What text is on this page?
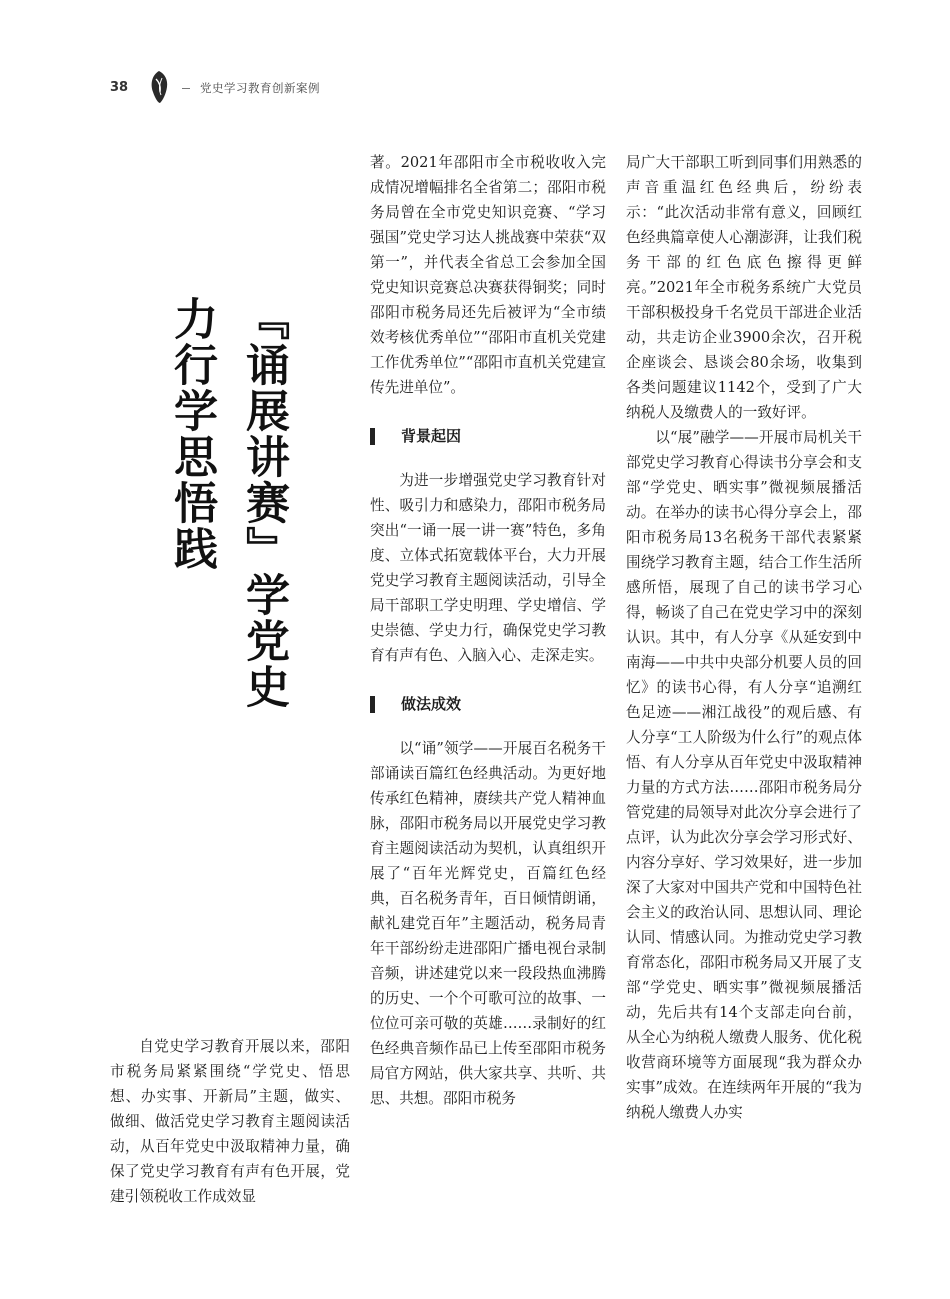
38	党史学习教育创新案例
『诵展讲赛』学党史
力行学思悟践
自党史学习教育开展以来，邵阳市税务局紧紧围绕“学党史、悟思想、办实事、开新局”主题，做实、做细、做活党史学习教育主题阅读活动，从百年党史中汲取精神力量，确保了党史学习教育有声有色开展，党建引领税收工作成效显

著。2021年邵阳市全市税收收入完成情况增幅排名全省第二；邵阳市税务局曾在全市党史知识竞赛、“学习强国”党史学习达人挑战赛中荣获“双第一”，并代表全省总工会参加全国党史知识竞赛总决赛获得铜奖；同时邵阳市税务局还先后被评为“全市绩效考核优秀单位”“邵阳市直机关党建工作优秀单位”“邵阳市直机关党建宣传先进单位”。

背景起因

为进一步增强党史学习教育针对性、吸引力和感染力，邵阳市税务局突出“一诵一展一讲一赛”特色，多角度、立体式拓宽载体平台，大力开展党史学习教育主题阅读活动，引导全局干部职工学史明理、学史增信、学史崇德、学史力行，确保党史学习教育有声有色、入脑入心、走深走实。

做法成效

以“诵”领学——开展百名税务干部诵读百篇红色经典活动。为更好地传承红色精神，赓续共产党人精神血脉，邵阳市税务局以开展党史学习教育主题阅读活动为契机，认真组织开展了“百年光辉党史，百篇红色经典，百名税务青年，百日倾情朗诵，献礼建党百年”主题活动，税务局青年干部纷纷走进邵阳广播电视台录制音频，讲述建党以来一段段热血沸腾的历史、一个个可歌可泣的故事、一位位可亲可敬的英雄……录制好的红色经典音频作品已上传至邵阳市税务局官方网站，供大家共享、共听、共思、共想。邵阳市税务

局广大干部职工听到同事们用熟悉的声音重温红色经典后，纷纷表示：“此次活动非常有意义，回顾红色经典篇章使人心潮澎湃，让我们税务干部的红色底色擦得更鲜亮。”2021年全市税务系统广大党员干部积极投身千名党员干部进企业活动，共走访企业3900余次，召开税企座谈会、恳谈会80余场，收集到各类问题建议1142个，受到了广大纳税人及缴费人的一致好评。

以“展”融学——开展市局机关干部党史学习教育心得读书分享会和支部“学党史、晒实事”微视频展播活动。在举办的读书心得分享会上，邵阳市税务局13名税务干部代表紧紧围绕学习教育主题，结合工作生活所感所悟，展现了自己的读书学习心得，畅谈了自己在党史学习中的深刻认识。其中，有人分享《从延安到中南海——中共中央部分机要人员的回忆》的读书心得，有人分享“追溯红色足迹——湘江战役”的观后感、有人分享“工人阶级为什么行”的观点体悟、有人分享从百年党史中汲取精神力量的方式方法……邵阳市税务局分管党建的局领导对此次分享会进行了点评，认为此次分享会学习形式好、内容分享好、学习效果好，进一步加深了大家对中国共产党和中国特色社会主义的政治认同、思想认同、理论认同、情感认同。为推动党史学习教育常态化，邵阳市税务局又开展了支部“学党史、晒实事”微视频展播活动，先后共有14个支部走向台前，从全心为纳税人缴费人服务、优化税收营商环境等方面展现“我为群众办实事”成效。在连续两年开展的“我为纳税人缴费人办实
